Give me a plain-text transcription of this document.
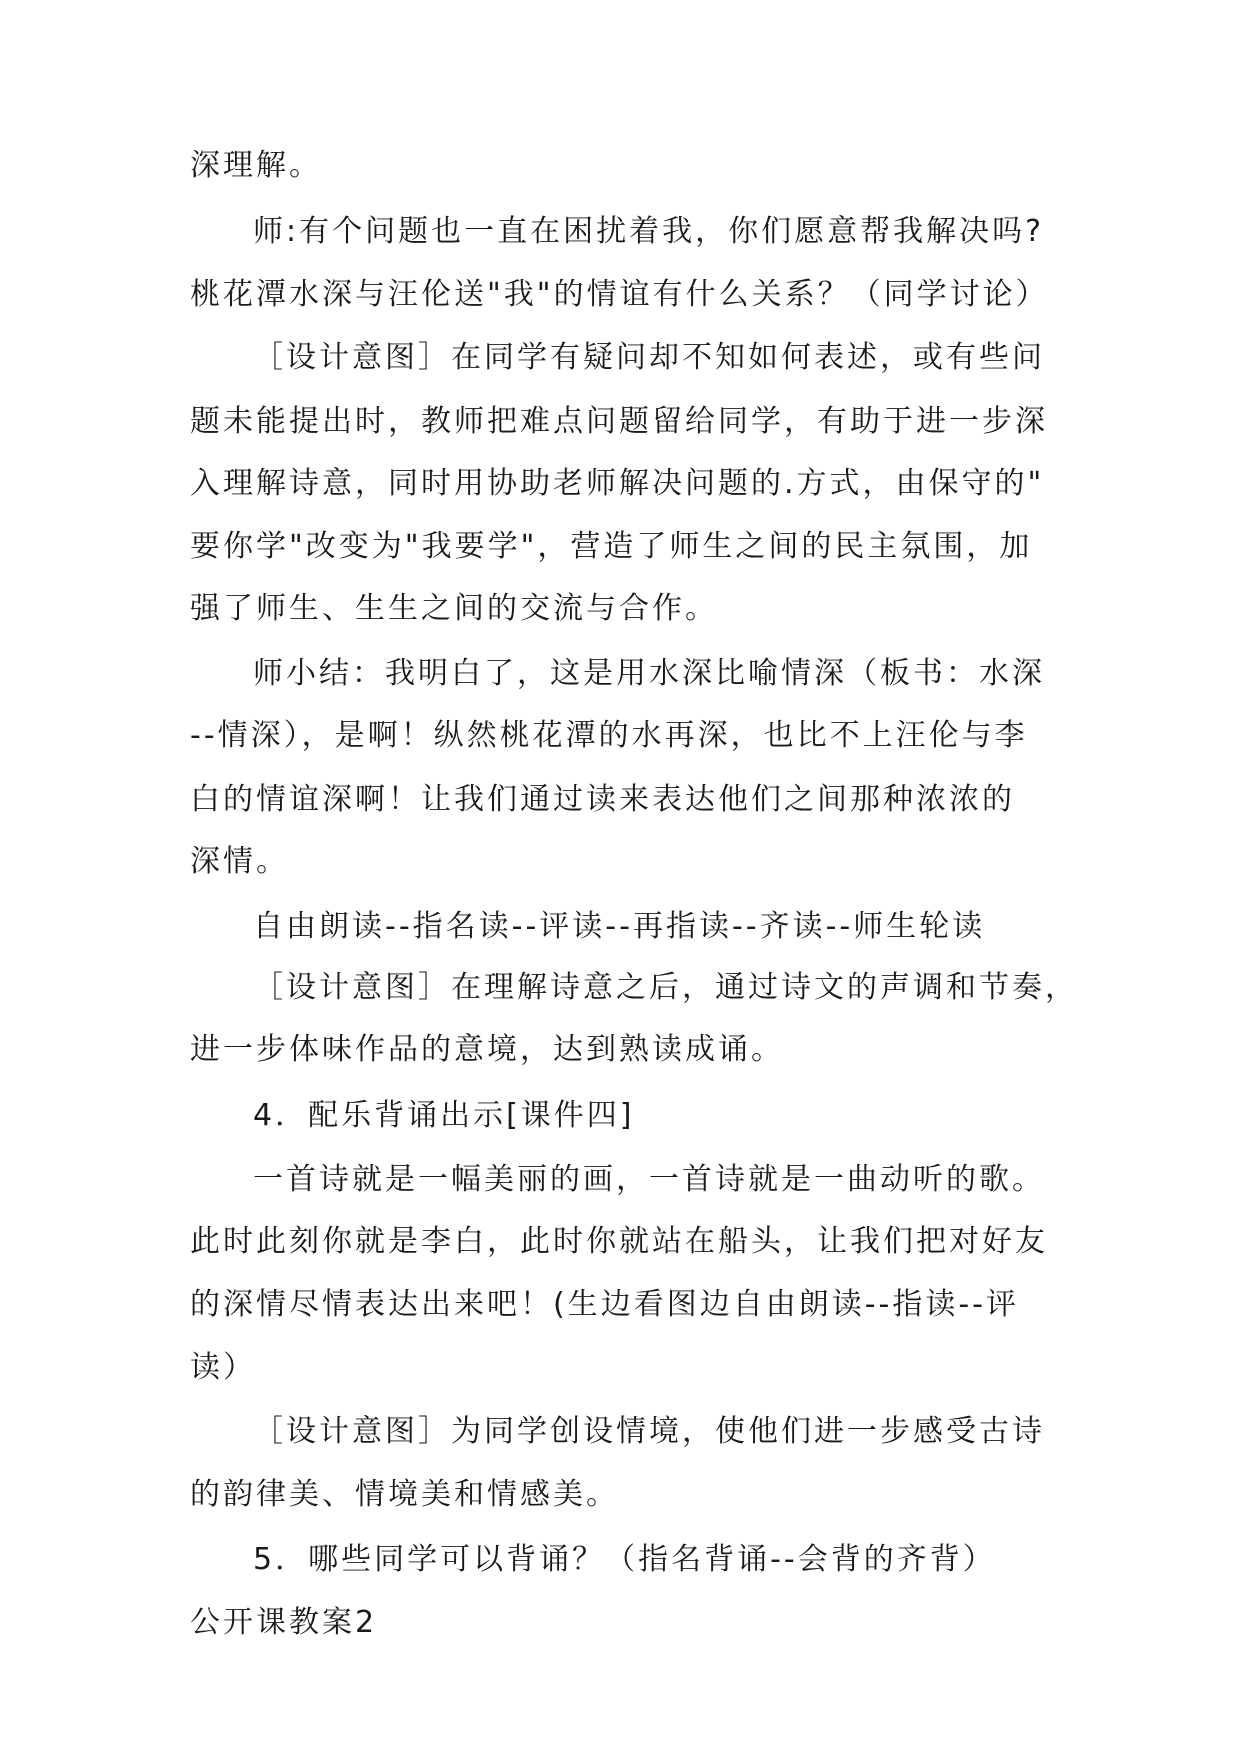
深理解。
师:有个问题也一直在困扰着我，你们愿意帮我解决吗?
桃花潭水深与汪伦送"我"的情谊有什么关系？（同学讨论）
［设计意图］在同学有疑问却不知如何表述，或有些问
题未能提出时，教师把难点问题留给同学，有助于进一步深
入理解诗意，同时用协助老师解决问题的.方式，由保守的"
要你学"改变为"我要学"，营造了师生之间的民主氛围，加
强了师生、生生之间的交流与合作。
师小结：我明白了，这是用水深比喻情深（板书：水深
--情深），是啊！纵然桃花潭的水再深，也比不上汪伦与李
白的情谊深啊！让我们通过读来表达他们之间那种浓浓的
深情。
自由朗读--指名读--评读--再指读--齐读--师生轮读
［设计意图］在理解诗意之后，通过诗文的声调和节奏，
进一步体味作品的意境，达到熟读成诵。
4．配乐背诵出示[课件四]
一首诗就是一幅美丽的画，一首诗就是一曲动听的歌。
此时此刻你就是李白，此时你就站在船头，让我们把对好友
的深情尽情表达出来吧！(生边看图边自由朗读--指读--评
读）
［设计意图］为同学创设情境，使他们进一步感受古诗
的韵律美、情境美和情感美。
5．哪些同学可以背诵？（指名背诵--会背的齐背）
公开课教案2
